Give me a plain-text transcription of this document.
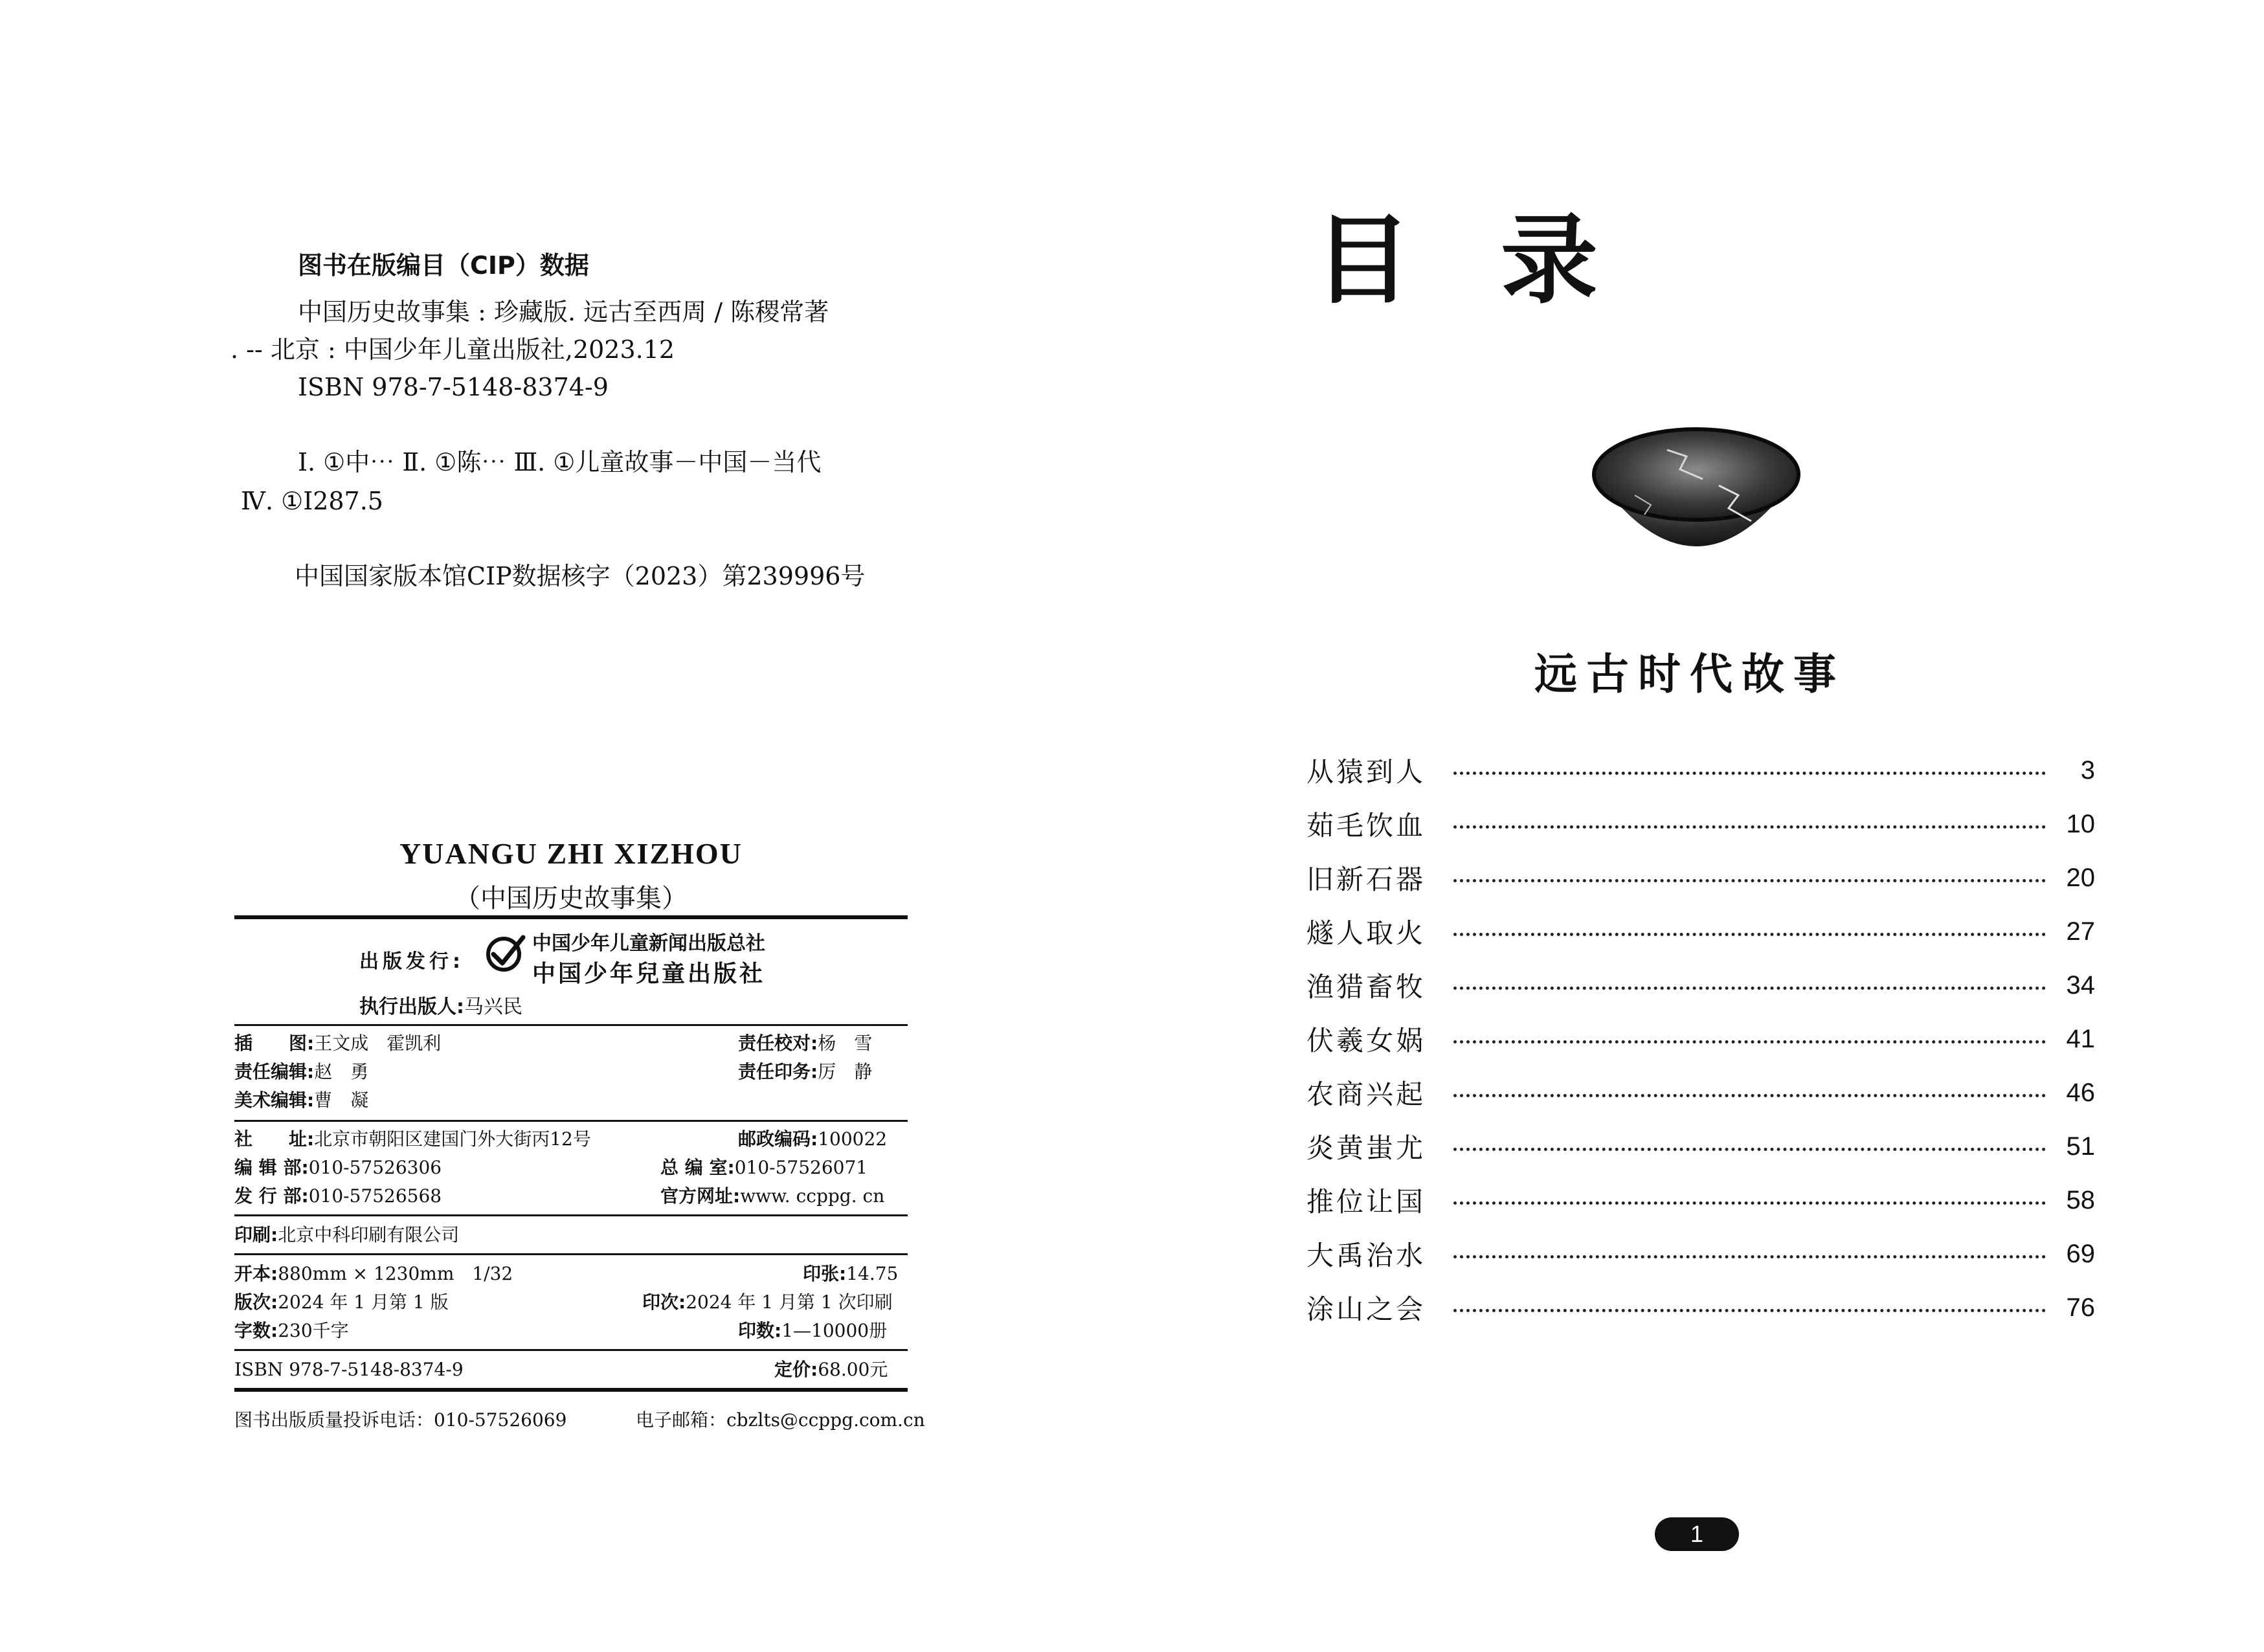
图书在版编目（CIP）数据
中国历史故事集 : 珍藏版. 远古至西周 / 陈稷常著
. -- 北京 : 中国少年儿童出版社,2023.12
ISBN 978-7-5148-8374-9
Ⅰ. ①中⋯ Ⅱ. ①陈⋯ Ⅲ. ①儿童故事－中国－当代
Ⅳ. ①I287.5
中国国家版本馆CIP数据核字（2023）第239996号
YUANGU ZHI XIZHOU
（中国历史故事集）
出版发行:
中国少年儿童新闻出版总社
中国少年兒童出版社
执行出版人:马兴民
插　　图:王文成　霍凯利	责任校对:杨　雪
责任编辑:赵　勇	责任印务:厉　静
美术编辑:曹　凝
社　　址:北京市朝阳区建国门外大街丙12号	邮政编码:100022
编 辑 部:010-57526306	总 编 室:010-57526071
发 行 部:010-57526568	官方网址:www. ccppg. cn
印刷:北京中科印刷有限公司
开本:880mm × 1230mm　1/32	印张:14.75
版次:2024 年 1 月第 1 版	印次:2024 年 1 月第 1 次印刷
字数:230千字	印数:1—10000册
ISBN 978-7-5148-8374-9	定价:68.00元
图书出版质量投诉电话：010-57526069	电子邮箱：cbzlts@ccppg.com.cn
目 录
远古时代故事
从猿到人	3
茹毛饮血	10
旧新石器	20
燧人取火	27
渔猎畜牧	34
伏羲女娲	41
农商兴起	46
炎黄蚩尤	51
推位让国	58
大禹治水	69
涂山之会	76
1
